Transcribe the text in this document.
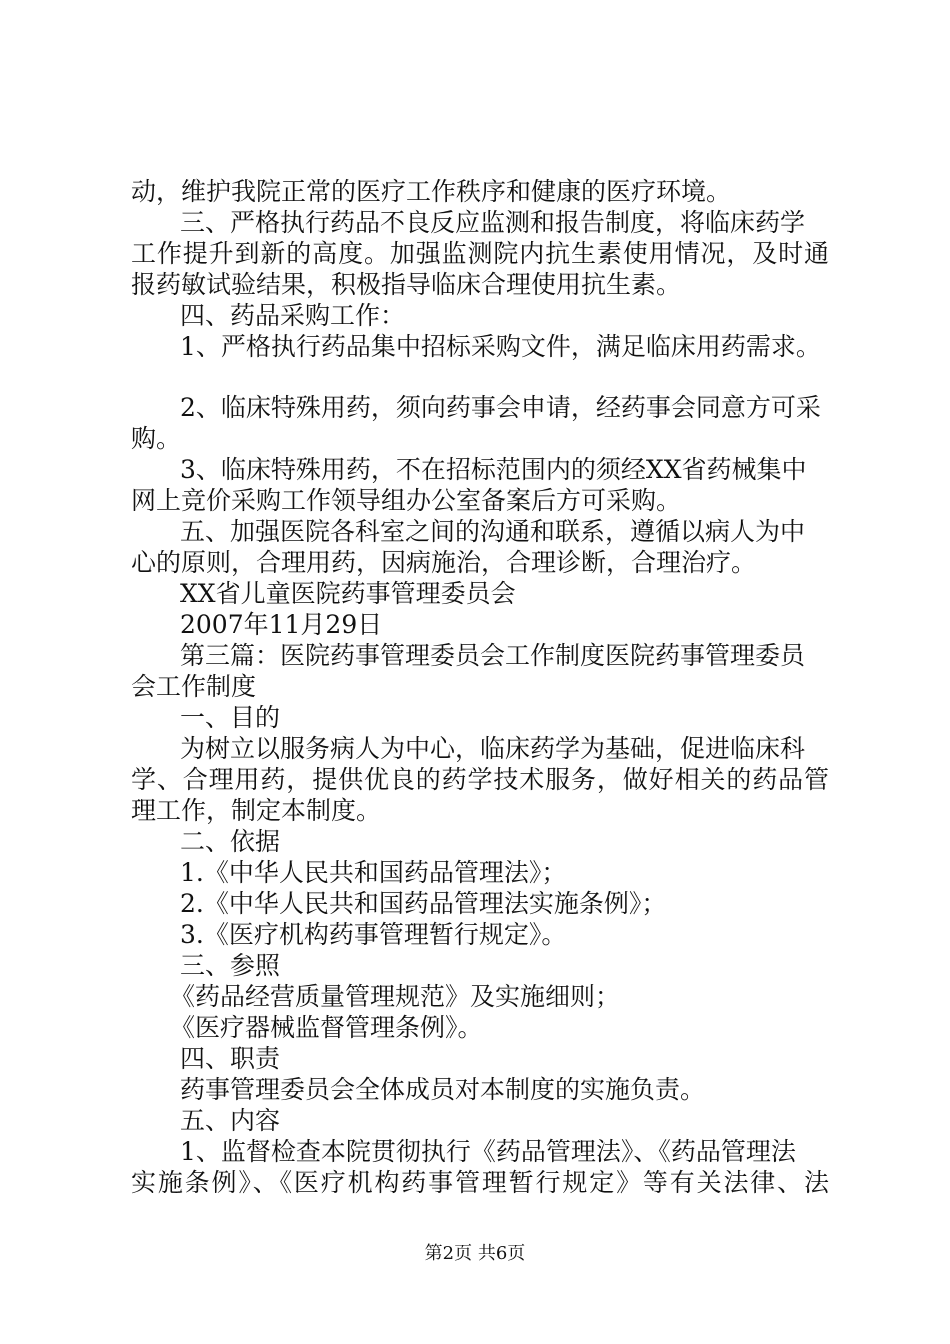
动，维护我院正常的医疗工作秩序和健康的医疗环境。
三、严格执行药品不良反应监测和报告制度，将临床药学
工作提升到新的高度。加强监测院内抗生素使用情况，及时通
报药敏试验结果，积极指导临床合理使用抗生素。
四、药品采购工作：
1、严格执行药品集中招标采购文件，满足临床用药需求。
2、临床特殊用药，须向药事会申请，经药事会同意方可采
购。
3、临床特殊用药，不在招标范围内的须经XX省药械集中
网上竞价采购工作领导组办公室备案后方可采购。
五、加强医院各科室之间的沟通和联系，遵循以病人为中
心的原则，合理用药，因病施治，合理诊断，合理治疗。
XX省儿童医院药事管理委员会
2007年11月29日
第三篇：医院药事管理委员会工作制度医院药事管理委员
会工作制度
一、目的
为树立以服务病人为中心，临床药学为基础，促进临床科
学、合理用药，提供优良的药学技术服务，做好相关的药品管
理工作，制定本制度。
二、依据
1.《中华人民共和国药品管理法》；
2.《中华人民共和国药品管理法实施条例》；
3.《医疗机构药事管理暂行规定》。
三、参照
《药品经营质量管理规范》及实施细则；
《医疗器械监督管理条例》。
四、职责
药事管理委员会全体成员对本制度的实施负责。
五、内容
1、监督检查本院贯彻执行《药品管理法》、《药品管理法
实施条例》、《医疗机构药事管理暂行规定》等有关法律、法
第2页 共6页
